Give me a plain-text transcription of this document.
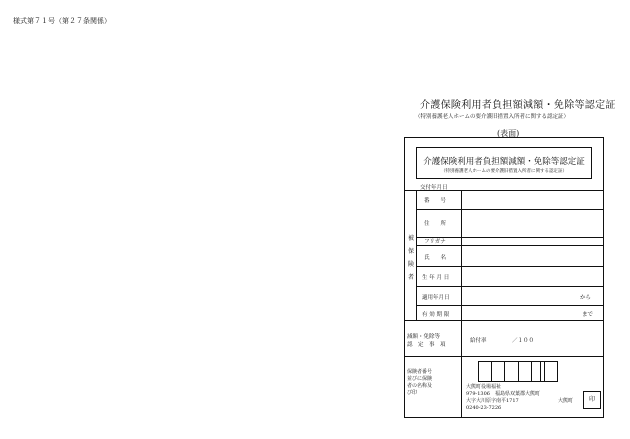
様式第７１号（第２７条関係）
介護保険利用者負担額減額・免除等認定証
（特別養護老人ホームの要介護旧措置入所者に関する認定証）
(表面)
介護保険利用者負担額減額・免除等認定証
（特別養護老人ホームの要介護旧措置入所者に関する認定証）
交付年月日
被保険者
番　　号
住　　所
フリガナ
氏　　名
生 年 月 日
適用年月日	から
有 効 期 限	まで
減額・免除等
認　定　事　項
給付率	／１００
保険者番号
並びに保険
者の名称及
び印
大熊町役場福祉
979-1306　福島県双葉郡大熊町
大字大川原字南平1717
0240-23-7226
大熊町	印
